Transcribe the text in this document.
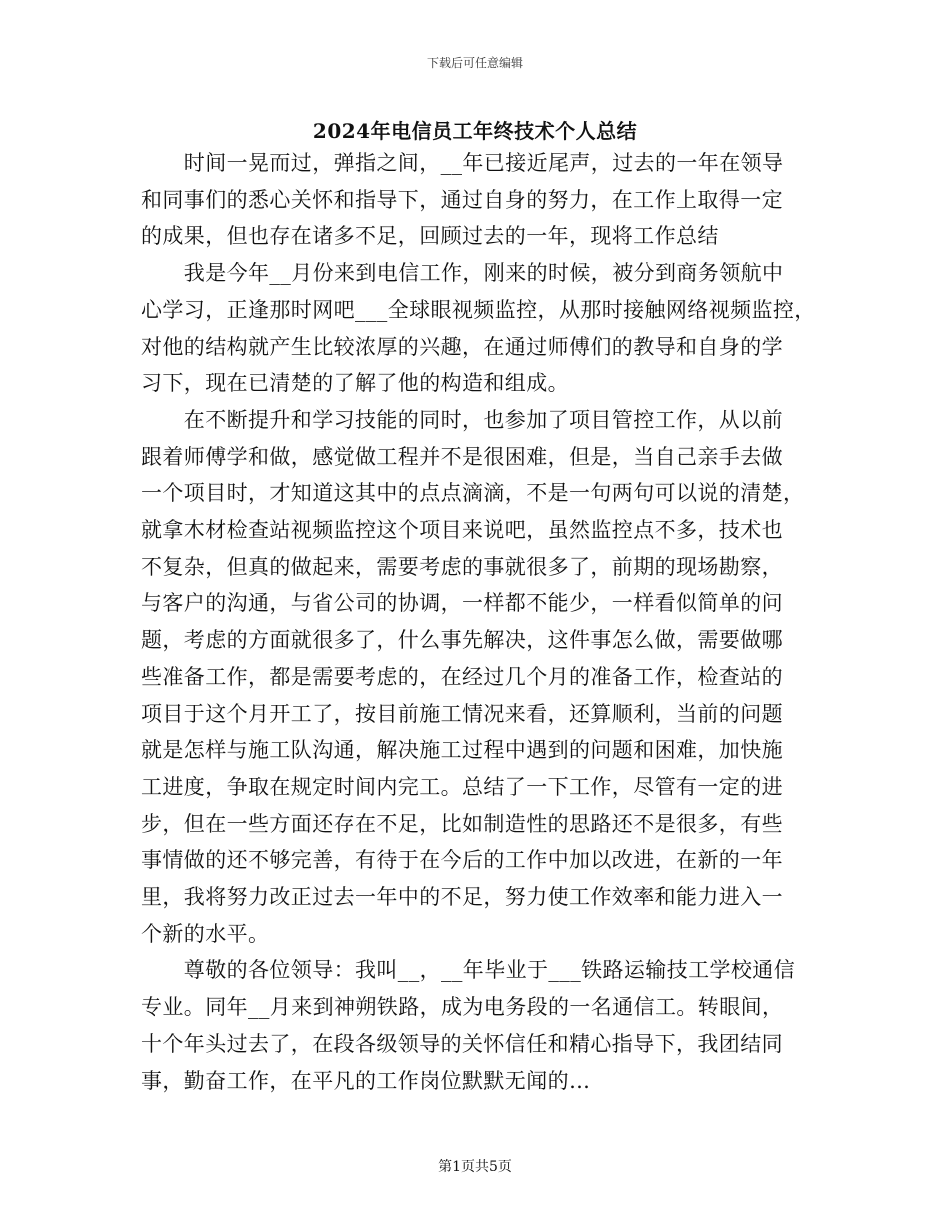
下载后可任意编辑
2024年电信员工年终技术个人总结
　　时间一晃而过，弹指之间，__年已接近尾声，过去的一年在领导
和同事们的悉心关怀和指导下，通过自身的努力，在工作上取得一定
的成果，但也存在诸多不足，回顾过去的一年，现将工作总结
　　我是今年__月份来到电信工作，刚来的时候，被分到商务领航中
心学习，正逢那时网吧___全球眼视频监控，从那时接触网络视频监控，
对他的结构就产生比较浓厚的兴趣，在通过师傅们的教导和自身的学
习下，现在已清楚的了解了他的构造和组成。
　　在不断提升和学习技能的同时，也参加了项目管控工作，从以前
跟着师傅学和做，感觉做工程并不是很困难，但是，当自己亲手去做
一个项目时，才知道这其中的点点滴滴，不是一句两句可以说的清楚，
就拿木材检查站视频监控这个项目来说吧，虽然监控点不多，技术也
不复杂，但真的做起来，需要考虑的事就很多了，前期的现场勘察，
与客户的沟通，与省公司的协调，一样都不能少，一样看似简单的问
题，考虑的方面就很多了，什么事先解决，这件事怎么做，需要做哪
些准备工作，都是需要考虑的，在经过几个月的准备工作，检查站的
项目于这个月开工了，按目前施工情况来看，还算顺利，当前的问题
就是怎样与施工队沟通，解决施工过程中遇到的问题和困难，加快施
工进度，争取在规定时间内完工。总结了一下工作，尽管有一定的进
步，但在一些方面还存在不足，比如制造性的思路还不是很多，有些
事情做的还不够完善，有待于在今后的工作中加以改进，在新的一年
里，我将努力改正过去一年中的不足，努力使工作效率和能力进入一
个新的水平。
　　尊敬的各位领导：我叫__，__年毕业于___铁路运输技工学校通信
专业。同年__月来到神朔铁路，成为电务段的一名通信工。转眼间，
十个年头过去了，在段各级领导的关怀信任和精心指导下，我团结同
事，勤奋工作，在平凡的工作岗位默默无闻的…
第1页共5页
